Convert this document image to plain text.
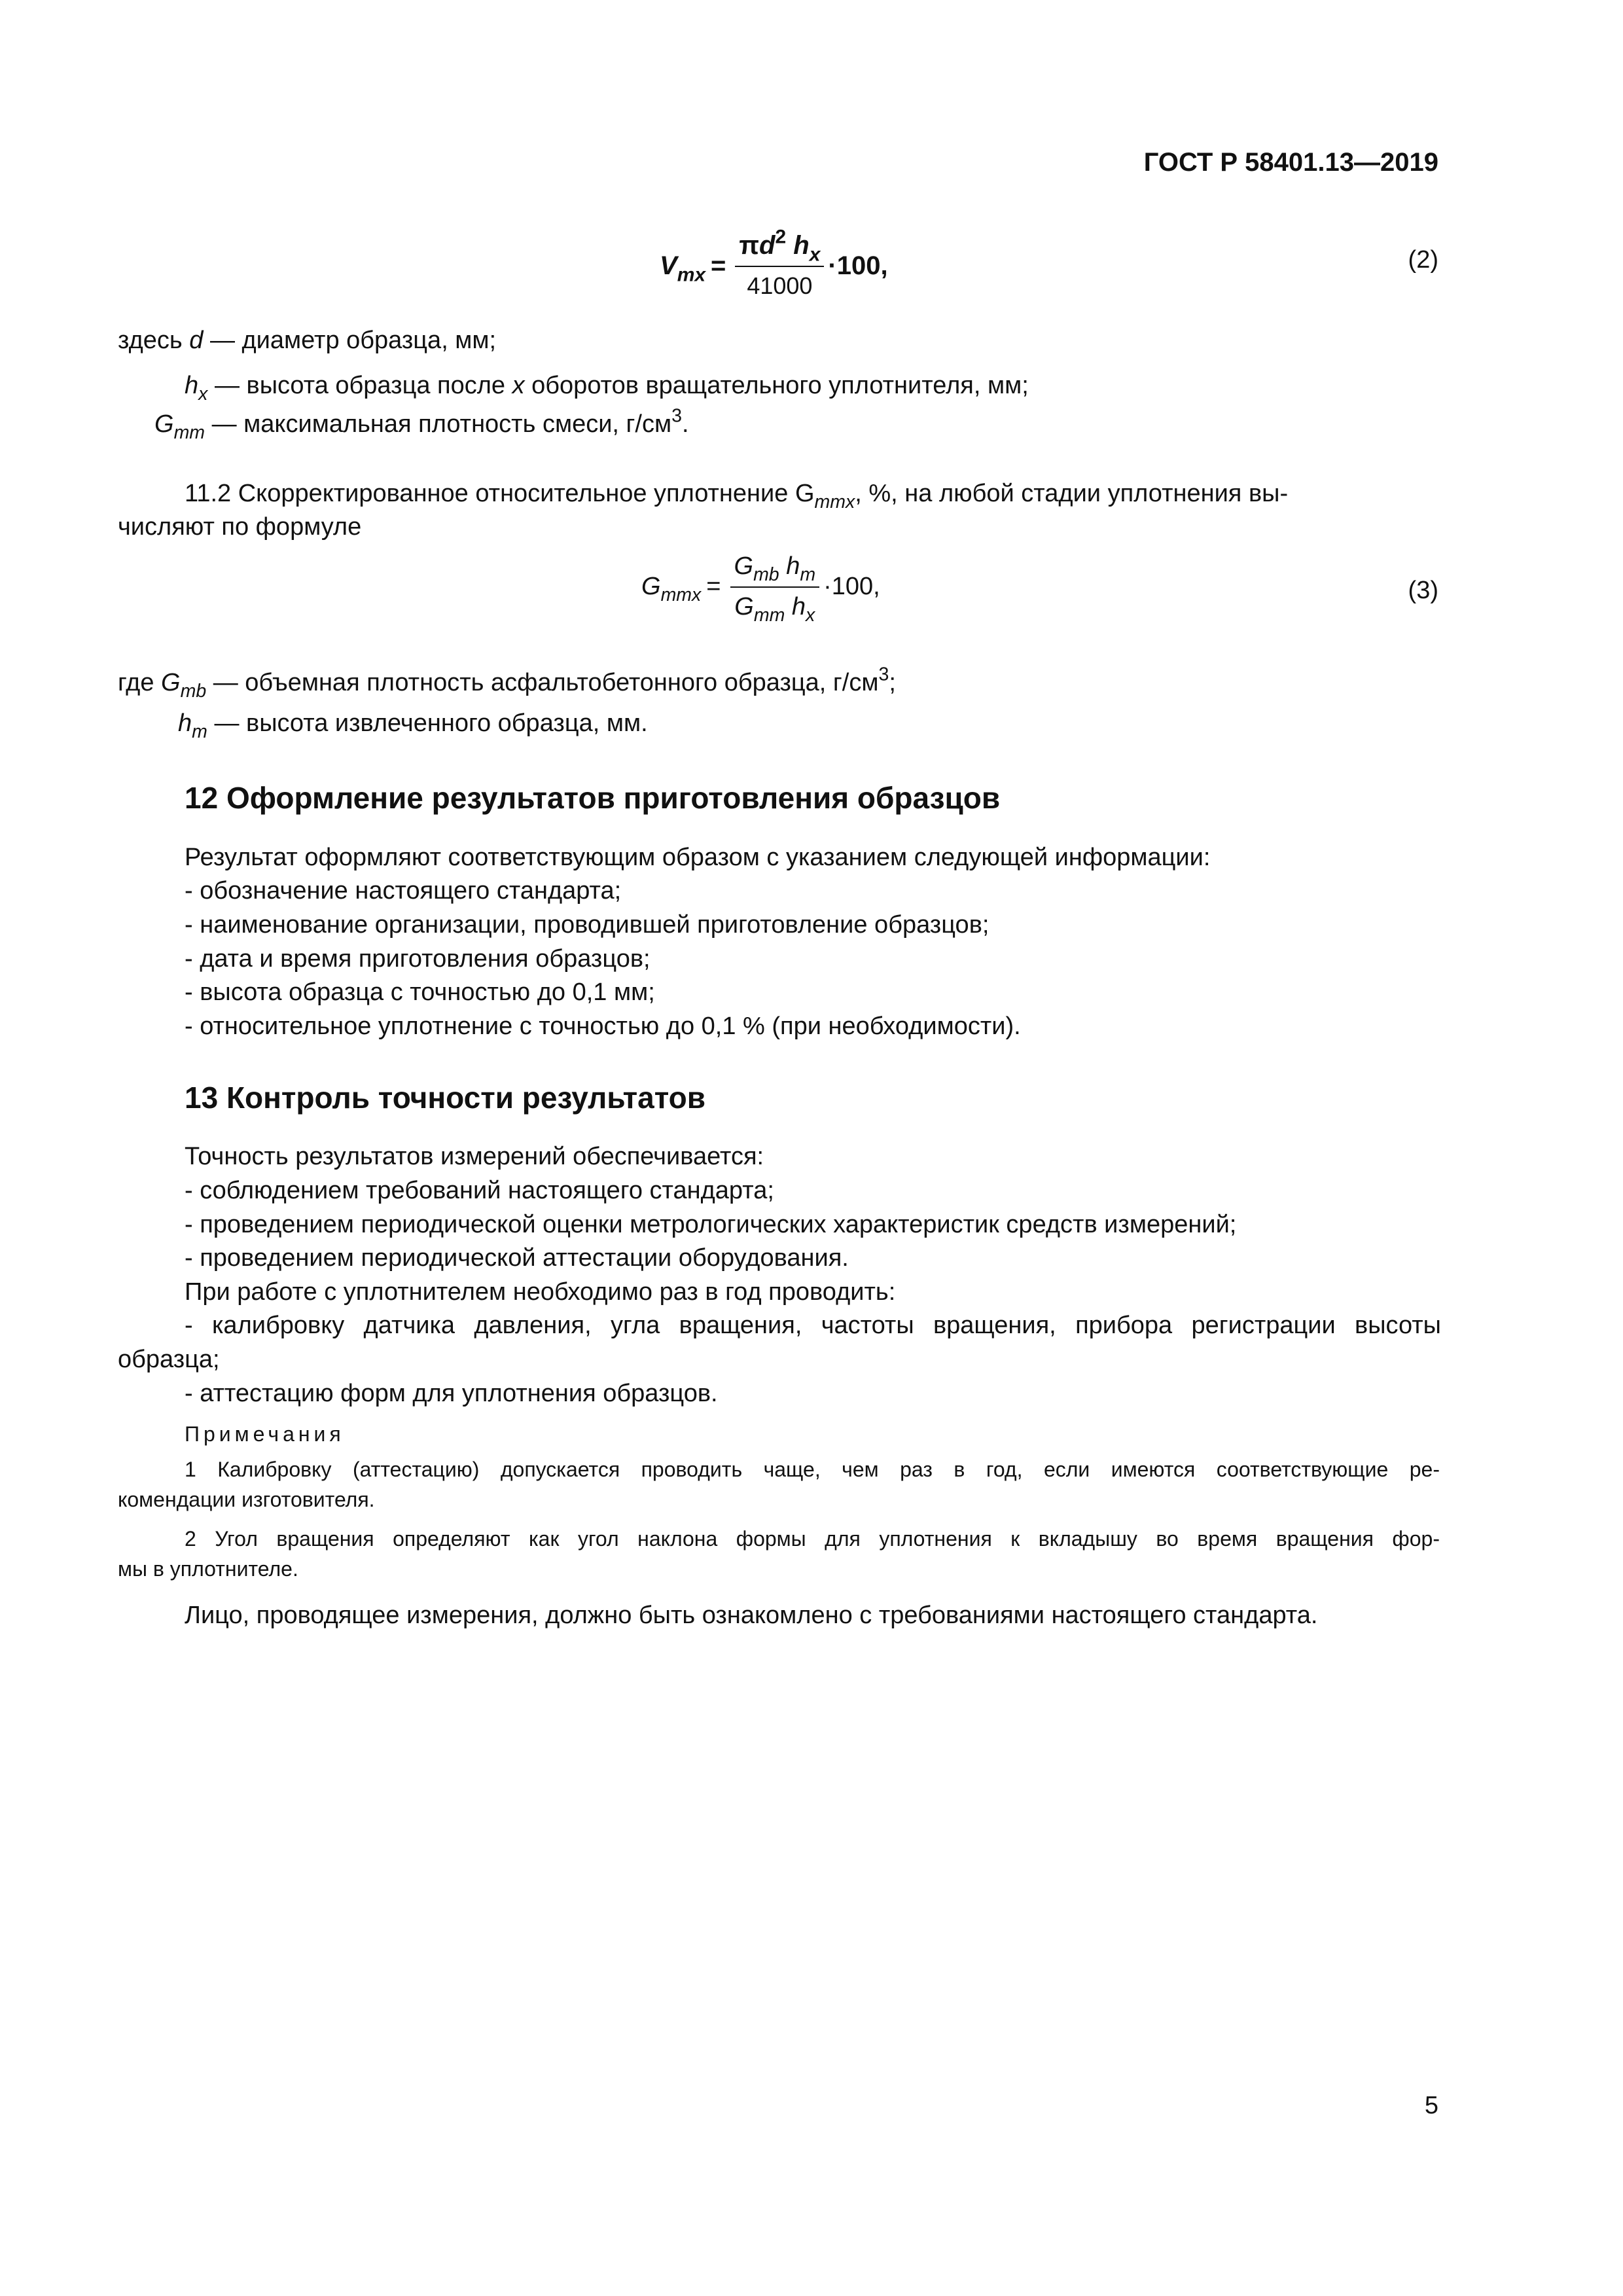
ГОСТ Р 58401.13—2019
$V_{mx} = \frac{\pi d^2 h_x}{41000} \cdot 100$,	(2)
здесь d — диаметр образца, мм;
$h_x$ — высота образца после x оборотов вращательного уплотнителя, мм;
$G_{mm}$ — максимальная плотность смеси, $г/см^3$.
11.2 Скорректированное относительное уплотнение $G_{mmx}$, %, на любой стадии уплотнения вы-
числяют по формуле
$G_{mmx} = \frac{G_{mb} h_m}{G_{mm} h_x} \cdot 100$,	(3)
где $G_{mb}$ — объемная плотность асфальтобетонного образца, $г/см^3$;
$h_m$ — высота извлеченного образца, мм.
12 Оформление результатов приготовления образцов
Результат оформляют соответствующим образом с указанием следующей информации:
- обозначение настоящего стандарта;
- наименование организации, проводившей приготовление образцов;
- дата и время приготовления образцов;
- высота образца с точностью до 0,1 мм;
- относительное уплотнение с точностью до 0,1 % (при необходимости).
13 Контроль точности результатов
Точность результатов измерений обеспечивается:
- соблюдением требований настоящего стандарта;
- проведением периодической оценки метрологических характеристик средств измерений;
- проведением периодической аттестации оборудования.
При работе с уплотнителем необходимо раз в год проводить:
- калибровку датчика давления, угла вращения, частоты вращения, прибора регистрации высоты
образца;
- аттестацию форм для уплотнения образцов.
Примечания
1 Калибровку (аттестацию) допускается проводить чаще, чем раз в год, если имеются соответствующие ре-
комендации изготовителя.
2 Угол вращения определяют как угол наклона формы для уплотнения к вкладышу во время вращения фор-
мы в уплотнителе.
Лицо, проводящее измерения, должно быть ознакомлено с требованиями настоящего стандарта.
5
